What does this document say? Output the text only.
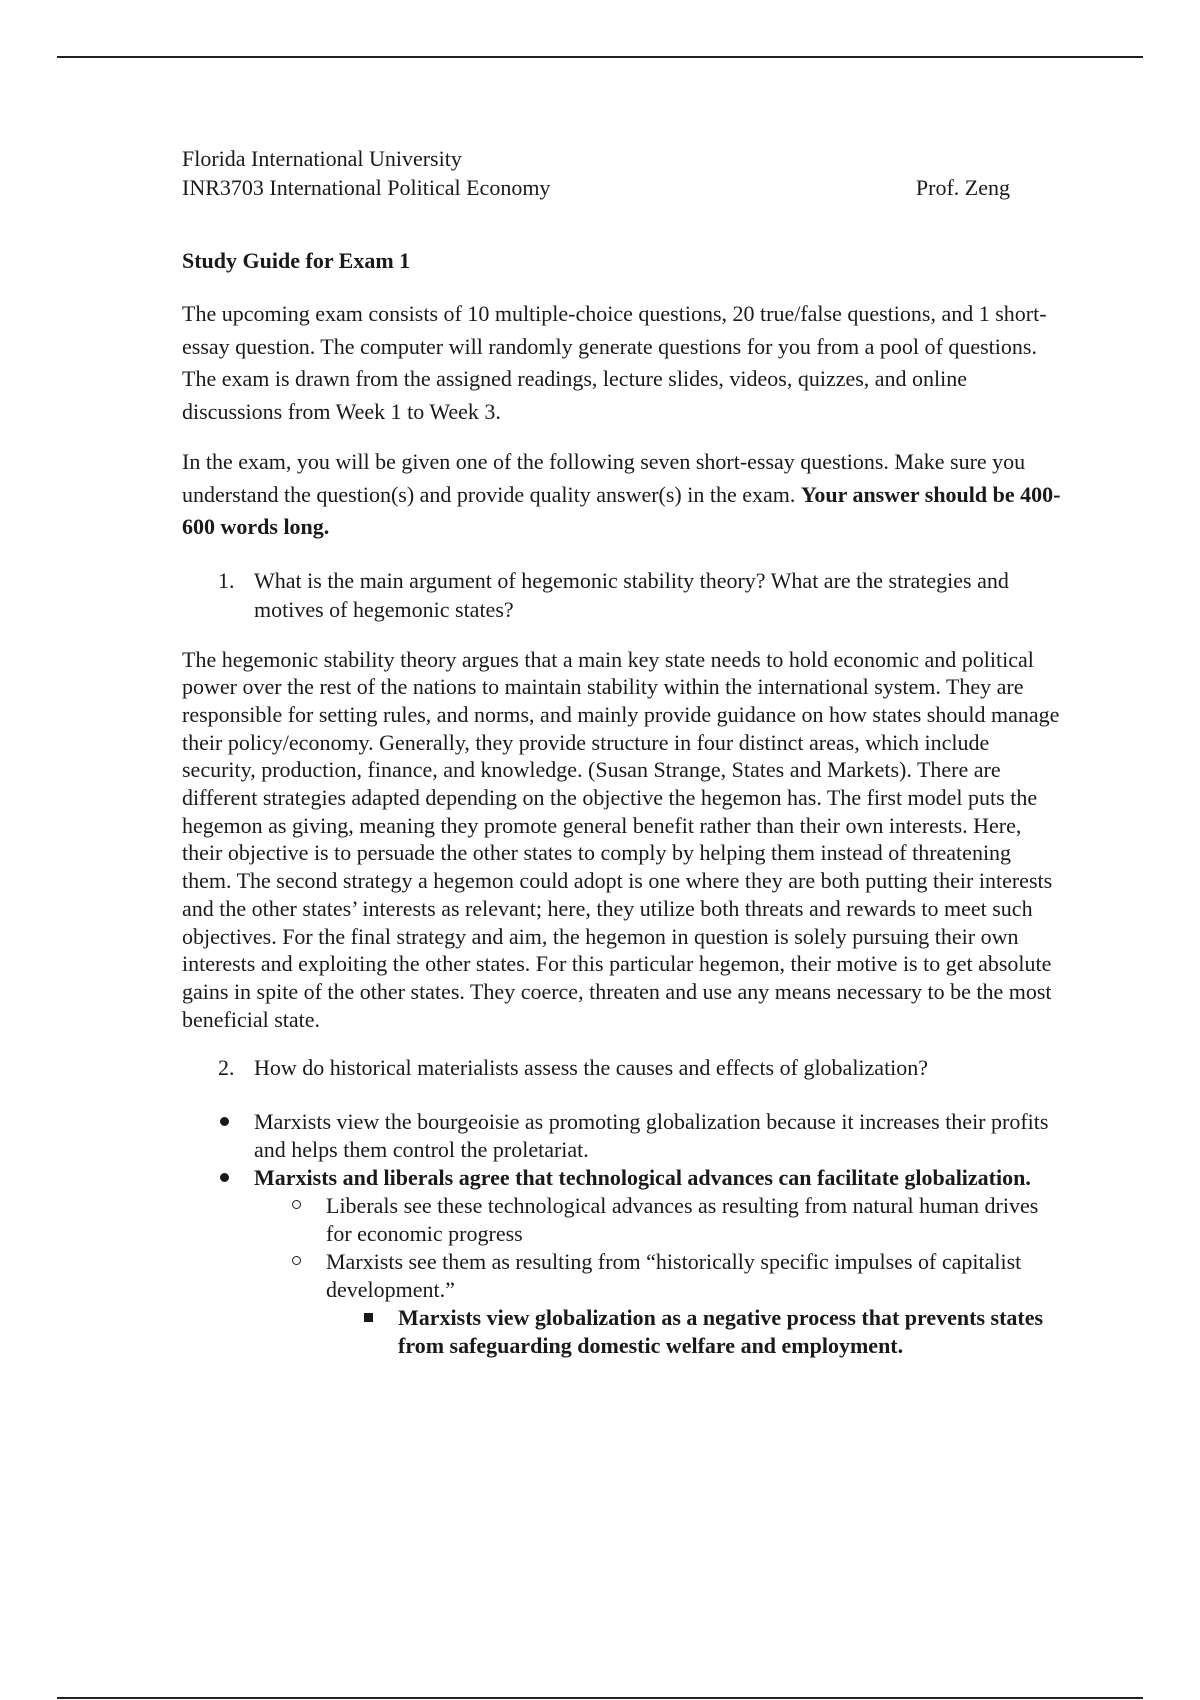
Florida International University
INR3703 International Political Economy	Prof. Zeng
Study Guide for Exam 1

The upcoming exam consists of 10 multiple-choice questions, 20 true/false questions, and 1 short-essay question. The computer will randomly generate questions for you from a pool of questions. The exam is drawn from the assigned readings, lecture slides, videos, quizzes, and online discussions from Week 1 to Week 3.

In the exam, you will be given one of the following seven short-essay questions. Make sure you understand the question(s) and provide quality answer(s) in the exam. Your answer should be 400-600 words long.

1. What is the main argument of hegemonic stability theory? What are the strategies and motives of hegemonic states?

The hegemonic stability theory argues that a main key state needs to hold economic and political power over the rest of the nations to maintain stability within the international system. They are responsible for setting rules, and norms, and mainly provide guidance on how states should manage their policy/economy. Generally, they provide structure in four distinct areas, which include security, production, finance, and knowledge. (Susan Strange, States and Markets). There are different strategies adapted depending on the objective the hegemon has. The first model puts the hegemon as giving, meaning they promote general benefit rather than their own interests. Here, their objective is to persuade the other states to comply by helping them instead of threatening them. The second strategy a hegemon could adopt is one where they are both putting their interests and the other states’ interests as relevant; here, they utilize both threats and rewards to meet such objectives. For the final strategy and aim, the hegemon in question is solely pursuing their own interests and exploiting the other states. For this particular hegemon, their motive is to get absolute gains in spite of the other states. They coerce, threaten and use any means necessary to be the most beneficial state.

2. How do historical materialists assess the causes and effects of globalization?
Marxists view the bourgeoisie as promoting globalization because it increases their profits and helps them control the proletariat.
Marxists and liberals agree that technological advances can facilitate globalization.
Liberals see these technological advances as resulting from natural human drives for economic progress
Marxists see them as resulting from “historically specific impulses of capitalist development.”
Marxists view globalization as a negative process that prevents states from safeguarding domestic welfare and employment.
